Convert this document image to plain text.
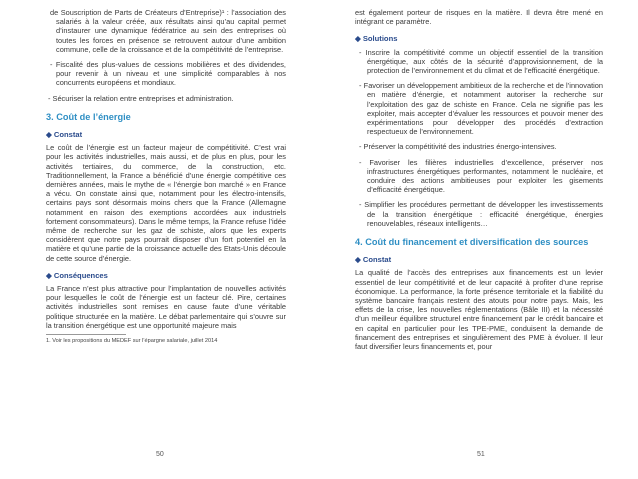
de Souscription de Parts de Créateurs d’Entreprise)¹ : l’association des salariés à la valeur créée, aux résultats ainsi qu’au capital permet d’instaurer une dynamique fédératrice au sein des entreprises où toutes les forces en présence se retrouvent autour d’une ambition commune, celle de la croissance et de la compétitivité de l’entreprise.

- Fiscalité des plus-values de cessions mobilières et des dividendes, pour revenir à un niveau et une simplicité comparables à nos concurrents européens et mondiaux.

- Sécuriser la relation entre entreprises et administration.

3. Coût de l’énergie
◆ Constat

Le coût de l’énergie est un facteur majeur de compétitivité. C’est vrai pour les activités industrielles, mais aussi, et de plus en plus, pour les activités tertiaires, du commerce, de la construction, etc. Traditionnellement, la France a bénéficié d’une énergie compétitive ces dernières années, mais le mythe de « l’énergie bon marché » en France a vécu. On constate ainsi que, notamment pour les électro-intensifs, certains pays sont désormais moins chers que la France (Allemagne notamment en raison des exemptions accordées aux industriels fortement consommateurs). Dans le même temps, la France refuse l’idée même de recherche sur les gaz de schiste, alors que les experts considèrent que notre pays pourrait disposer d’un fort potentiel en la matière et qu’une partie de la croissance actuelle des Etats-Unis découle de cette source d’énergie.

◆ Conséquences

La France n’est plus attractive pour l’implantation de nouvelles activités pour lesquelles le coût de l’énergie est un facteur clé. Pire, certaines activités industrielles sont remises en cause faute d’une véritable politique structurée en la matière. Le débat parlementaire qui s’ouvre sur la transition énergétique est une opportunité majeure mais

1. Voir les propositions du MEDEF sur l’épargne salariale, juillet 2014
50

est également porteur de risques en la matière. Il devra être mené en intégrant ce paramètre.

◆ Solutions

- Inscrire la compétitivité comme un objectif essentiel de la transition énergétique, aux côtés de la sécurité d’approvisionnement, de la protection de l’environnement et du climat et de l’efficacité énergétique.

- Favoriser un développement ambitieux de la recherche et de l’innovation en matière d’énergie, et notamment autoriser la recherche sur l’exploitation des gaz de schiste en France. Cela ne signifie pas les exploiter, mais accepter d’évaluer les ressources et pouvoir mener des expérimentations pour développer des procédés d’extraction respectueux de l’environnement.

- Préserver la compétitivité des industries énergo-intensives.

- Favoriser les filières industrielles d’excellence, préserver nos infrastructures énergétiques performantes, notamment le nucléaire, et conduire des actions ambitieuses pour exploiter les gisements d’efficacité énergétique.

- Simplifier les procédures permettant de développer les investissements de la transition énergétique : efficacité énergétique, énergies renouvelables, réseaux intelligents…

4. Coût du financement et diversification des sources
◆ Constat

La qualité de l’accès des entreprises aux financements est un levier essentiel de leur compétitivité et de leur capacité à profiter d’une reprise économique. La performance, la forte présence territoriale et la fiabilité du système bancaire français restent des atouts pour notre pays. Mais, les effets de la crise, les nouvelles réglementations (Bâle III) et la nécessité d’un meilleur équilibre structurel entre financement par le crédit bancaire et en capital en particulier pour les TPE-PME, conduisent la demande de financement des entreprises et singulièrement des PME à évoluer. Il leur faut diversifier leurs financements et, pour

51
